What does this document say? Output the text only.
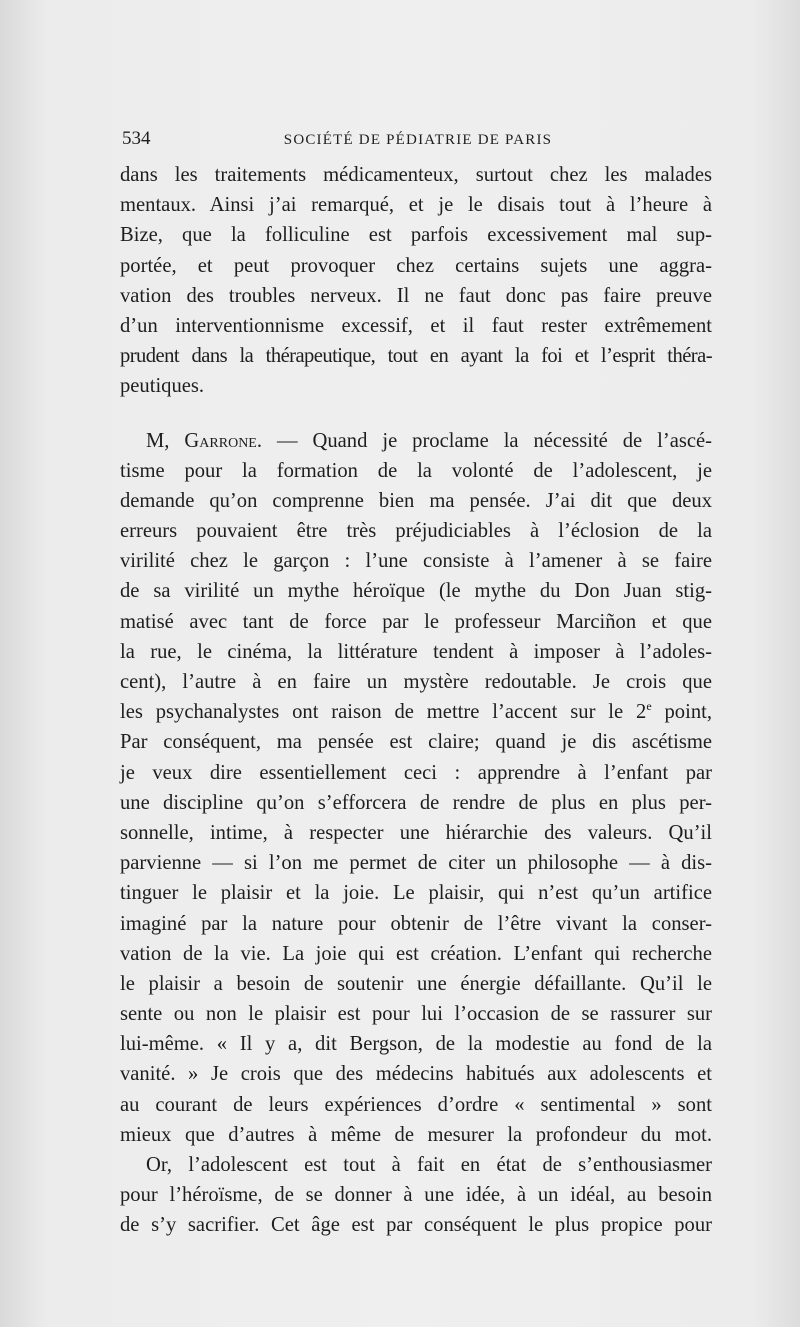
534	SOCIÉTÉ DE PÉDIATRIE DE PARIS
dans les traitements médicamenteux, surtout chez les malades
mentaux. Ainsi j’ai remarqué, et je le disais tout à l’heure à
Bize, que la folliculine est parfois excessivement mal sup-
portée, et peut provoquer chez certains sujets une aggra-
vation des troubles nerveux. Il ne faut donc pas faire preuve
d’un interventionnisme excessif, et il faut rester extrêmement
prudent dans la thérapeutique, tout en ayant la foi et l’esprit théra-
peutiques.
M, Garrone. — Quand je proclame la nécessité de l’ascé-
tisme pour la formation de la volonté de l’adolescent, je
demande qu’on comprenne bien ma pensée. J’ai dit que deux
erreurs pouvaient être très préjudiciables à l’éclosion de la
virilité chez le garçon : l’une consiste à l’amener à se faire
de sa virilité un mythe héroïque (le mythe du Don Juan stig-
matisé avec tant de force par le professeur Marciñon et que
la rue, le cinéma, la littérature tendent à imposer à l’adoles-
cent), l’autre à en faire un mystère redoutable. Je crois que
les psychanalystes ont raison de mettre l’accent sur le 2e point,
Par conséquent, ma pensée est claire; quand je dis ascétisme
je veux dire essentiellement ceci : apprendre à l’enfant par
une discipline qu’on s’efforcera de rendre de plus en plus per-
sonnelle, intime, à respecter une hiérarchie des valeurs. Qu’il
parvienne — si l’on me permet de citer un philosophe — à dis-
tinguer le plaisir et la joie. Le plaisir, qui n’est qu’un artifice
imaginé par la nature pour obtenir de l’être vivant la conser-
vation de la vie. La joie qui est création. L’enfant qui recherche
le plaisir a besoin de soutenir une énergie défaillante. Qu’il le
sente ou non le plaisir est pour lui l’occasion de se rassurer sur
lui-même. « Il y a, dit Bergson, de la modestie au fond de la
vanité. » Je crois que des médecins habitués aux adolescents et
au courant de leurs expériences d’ordre « sentimental » sont
mieux que d’autres à même de mesurer la profondeur du mot.
Or, l’adolescent est tout à fait en état de s’enthousiasmer
pour l’héroïsme, de se donner à une idée, à un idéal, au besoin
de s’y sacrifier. Cet âge est par conséquent le plus propice pour
